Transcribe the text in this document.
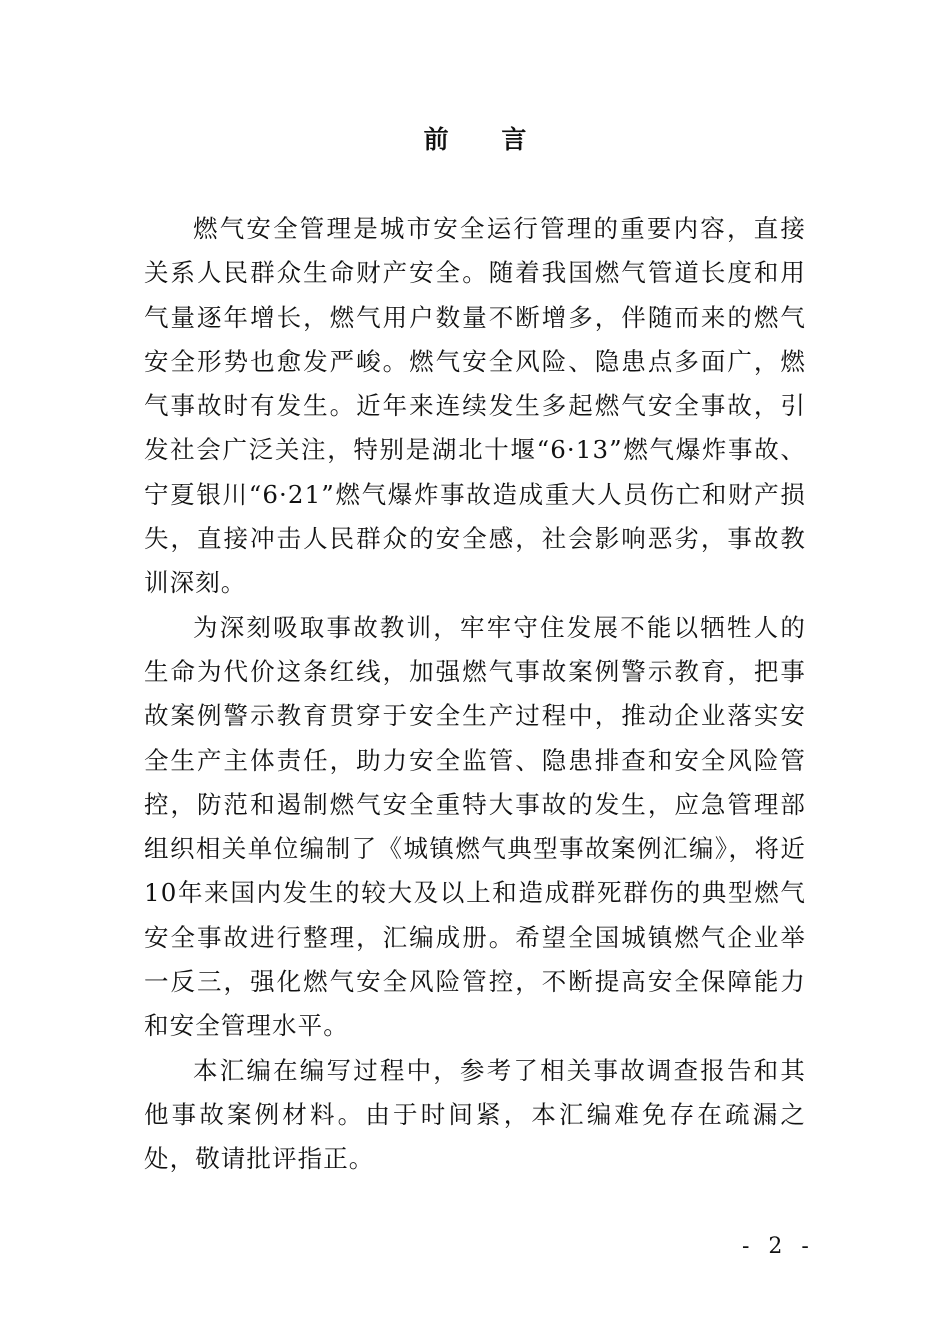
前 言

燃气安全管理是城市安全运行管理的重要内容，直接关系人民群众生命财产安全。随着我国燃气管道长度和用气量逐年增长，燃气用户数量不断增多，伴随而来的燃气安全形势也愈发严峻。燃气安全风险、隐患点多面广，燃气事故时有发生。近年来连续发生多起燃气安全事故，引发社会广泛关注，特别是湖北十堰“6·13”燃气爆炸事故、宁夏银川“6·21”燃气爆炸事故造成重大人员伤亡和财产损失，直接冲击人民群众的安全感，社会影响恶劣，事故教训深刻。

为深刻吸取事故教训，牢牢守住发展不能以牺牲人的生命为代价这条红线，加强燃气事故案例警示教育，把事故案例警示教育贯穿于安全生产过程中，推动企业落实安全生产主体责任，助力安全监管、隐患排查和安全风险管控，防范和遏制燃气安全重特大事故的发生，应急管理部组织相关单位编制了《城镇燃气典型事故案例汇编》，将近10年来国内发生的较大及以上和造成群死群伤的典型燃气安全事故进行整理，汇编成册。希望全国城镇燃气企业举一反三，强化燃气安全风险管控，不断提高安全保障能力和安全管理水平。

本汇编在编写过程中，参考了相关事故调查报告和其他事故案例材料。由于时间紧，本汇编难免存在疏漏之处，敬请批评指正。

- 2 -
